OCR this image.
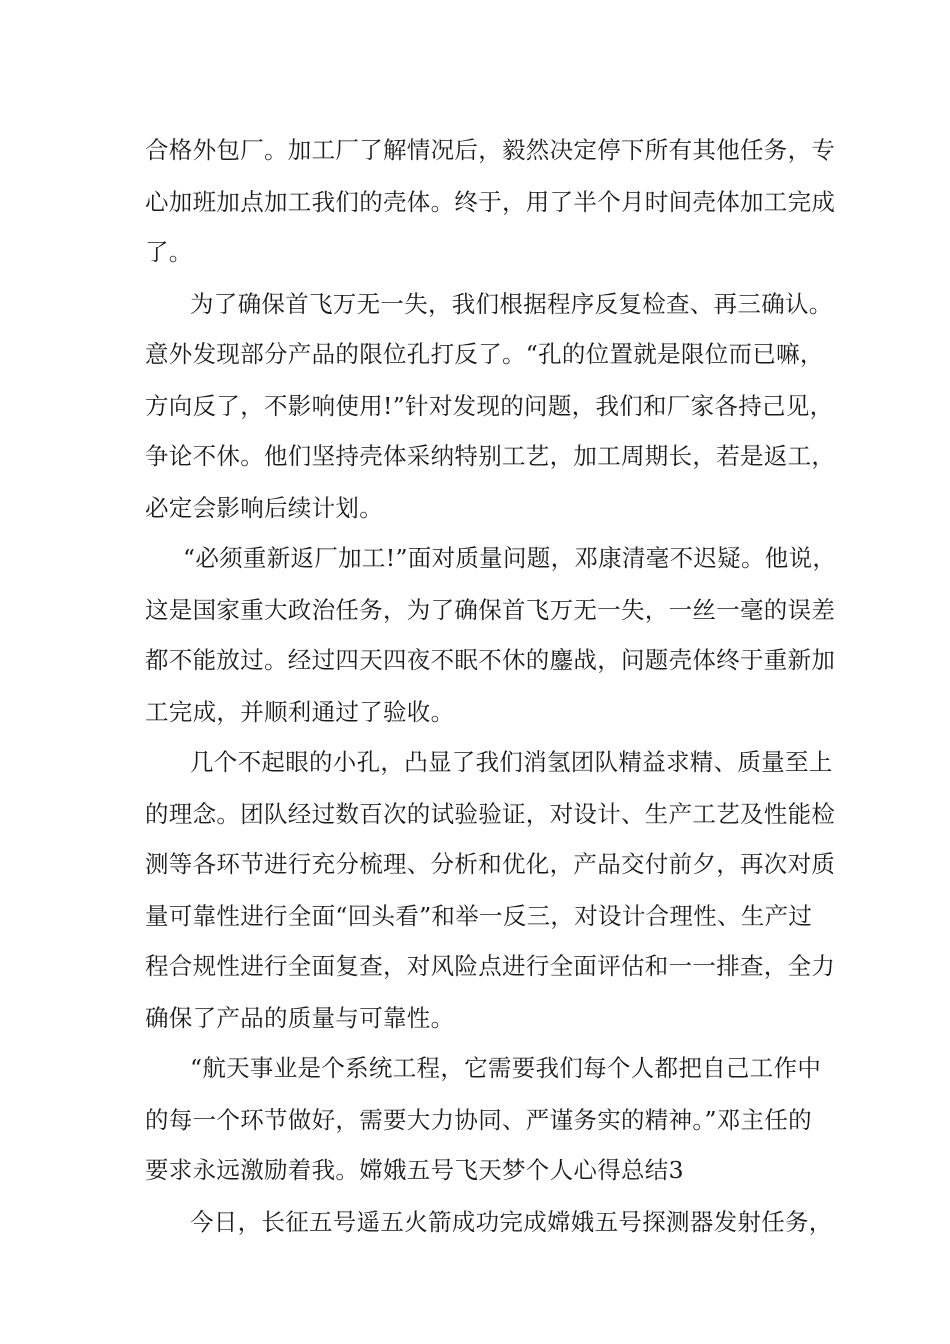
合格外包厂。加工厂了解情况后，毅然决定停下所有其他任务，专
心加班加点加工我们的壳体。终于，用了半个月时间壳体加工完成
了。
为了确保首飞万无一失，我们根据程序反复检查、再三确认。
意外发现部分产品的限位孔打反了。“孔的位置就是限位而已嘛，
方向反了，不影响使用!”针对发现的问题，我们和厂家各持己见，
争论不休。他们坚持壳体采纳特别工艺，加工周期长，若是返工，
必定会影响后续计划。
“必须重新返厂加工!”面对质量问题，邓康清毫不迟疑。他说，
这是国家重大政治任务，为了确保首飞万无一失，一丝一毫的误差
都不能放过。经过四天四夜不眠不休的鏖战，问题壳体终于重新加
工完成，并顺利通过了验收。
几个不起眼的小孔，凸显了我们消氢团队精益求精、质量至上
的理念。团队经过数百次的试验验证，对设计、生产工艺及性能检
测等各环节进行充分梳理、分析和优化，产品交付前夕，再次对质
量可靠性进行全面“回头看”和举一反三，对设计合理性、生产过
程合规性进行全面复查，对风险点进行全面评估和一一排查，全力
确保了产品的质量与可靠性。
“航天事业是个系统工程，它需要我们每个人都把自己工作中
的每一个环节做好，需要大力协同、严谨务实的精神。”邓主任的
要求永远激励着我。嫦娥五号飞天梦个人心得总结3
今日，长征五号遥五火箭成功完成嫦娥五号探测器发射任务，
